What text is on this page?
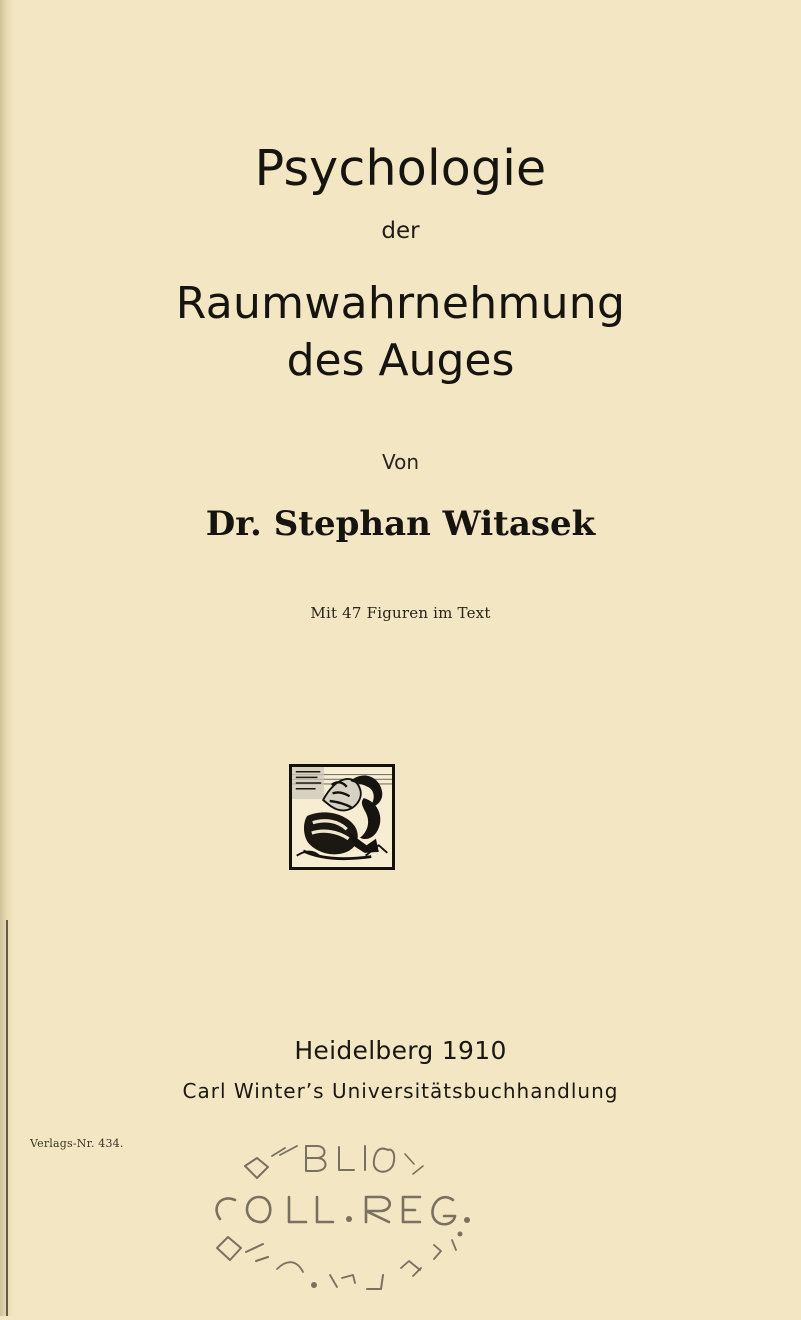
Psychologie
der
Raumwahrnehmung
des Auges
Von
Dr. Stephan Witasek
Mit 47 Figuren im Text
Heidelberg 1910
Carl Winter’s Universitätsbuchhandlung
Verlags-Nr. 434.
